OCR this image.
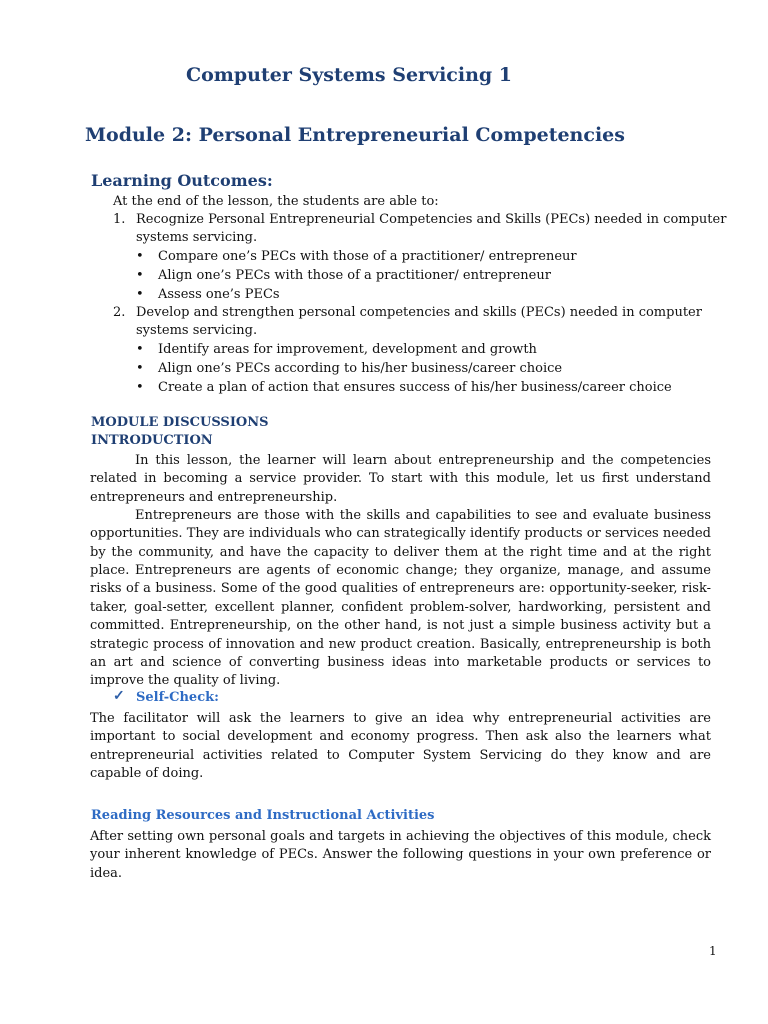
Computer Systems Servicing 1
Module 2: Personal Entrepreneurial Competencies
Learning Outcomes:
At the end of the lesson, the students are able to:
1. Recognize Personal Entrepreneurial Competencies and Skills (PECs) needed in computer
systems servicing.
• Compare one’s PECs with those of a practitioner/ entrepreneur
• Align one’s PECs with those of a practitioner/ entrepreneur
• Assess one’s PECs
2. Develop and strengthen personal competencies and skills (PECs) needed in computer
systems servicing.
• Identify areas for improvement, development and growth
• Align one’s PECs according to his/her business/career choice
• Create a plan of action that ensures success of his/her business/career choice
MODULE DISCUSSIONS
INTRODUCTION
In this lesson, the learner will learn about entrepreneurship and the competencies related in becoming a service provider. To start with this module, let us first understand entrepreneurs and entrepreneurship.
Entrepreneurs are those with the skills and capabilities to see and evaluate business opportunities. They are individuals who can strategically identify products or services needed by the community, and have the capacity to deliver them at the right time and at the right place. Entrepreneurs are agents of economic change; they organize, manage, and assume risks of a business. Some of the good qualities of entrepreneurs are: opportunity-seeker, risk-taker, goal-setter, excellent planner, confident problem-solver, hardworking, persistent and committed. Entrepreneurship, on the other hand, is not just a simple business activity but a strategic process of innovation and new product creation. Basically, entrepreneurship is both an art and science of converting business ideas into marketable products or services to improve the quality of living.
✓ Self-Check:
The facilitator will ask the learners to give an idea why entrepreneurial activities are important to social development and economy progress. Then ask also the learners what entrepreneurial activities related to Computer System Servicing do they know and are capable of doing.
Reading Resources and Instructional Activities
After setting own personal goals and targets in achieving the objectives of this module, check your inherent knowledge of PECs. Answer the following questions in your own preference or idea.
1
